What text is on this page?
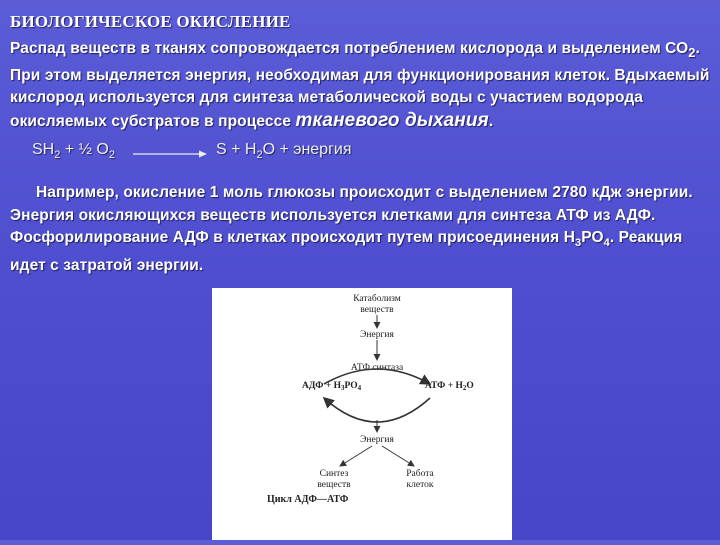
БИОЛОГИЧЕСКОЕ ОКИСЛЕНИЕ
Распад веществ в тканях сопровождается потреблением кислорода и выделением $СО_2$. При этом выделяется энергия, необходимая для функционирования клеток. Вдыхаемый кислород используется для синтеза метаболической воды с участием водорода окисляемых субстратов в процессе тканевого дыхания.
$SH_2$ + ½ $O_2$	$S + H_2O$ + энергия
Например, окисление 1 моль глюкозы происходит с выделением 2780 кДж энергии. Энергия окисляющихся веществ используется клетками для синтеза АТФ из АДФ. Фосфорилирование АДФ в клетках происходит путем присоединения $Н_3РО_4$. Реакция идет с затратой энергии.
Катаболизм
веществ
Энергия
АТФ синтаза
АДФ + $Н_3РО_4$	АТФ + $Н_2О$
Энергия
Синтез
веществ
Работа
клеток
Цикл АДФ—АТФ
